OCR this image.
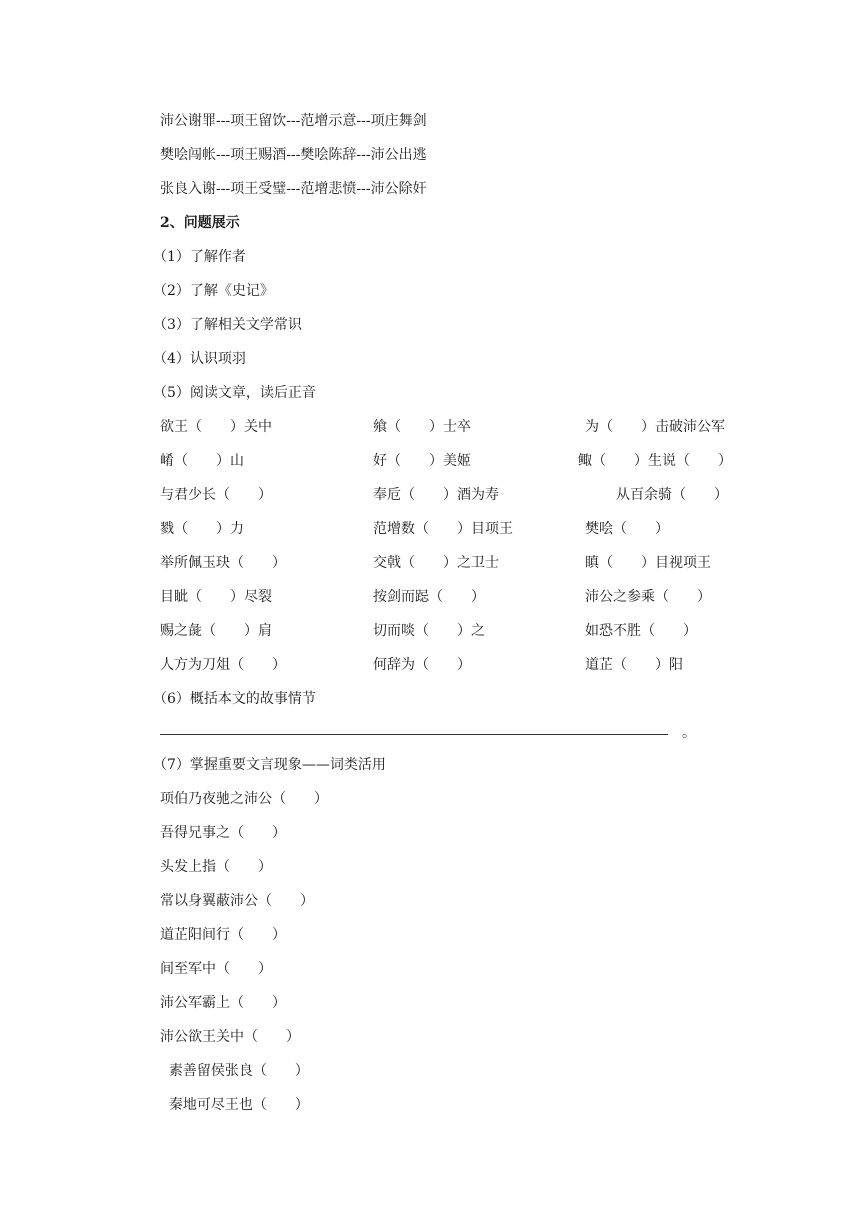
沛公谢罪---项王留饮---范增示意---项庄舞剑
樊哙闯帐---项王赐酒---樊哙陈辞---沛公出逃
张良入谢---项王受璧---范增悲愤---沛公除奸
2、问题展示
（1）了解作者
（2）了解《史记》
（3）了解相关文学常识
（4）认识项羽
（5）阅读文章，读后正音
欲王（　　）关中	飨（　　）士卒	为（　　）击破沛公军
崤（　　）山	好（　　）美姬	鲰（　　）生说（　　）
与君少长（　　）	奉卮（　　）酒为寿	从百余骑（　　）
戮（　　）力	范增数（　　）目项王	樊哙（　　）
举所佩玉玦（　　）	交戟（　　）之卫士	瞋（　　）目视项王
目眦（　　）尽裂	按剑而跽（　　）	沛公之参乘（　　）
赐之彘（　　）肩	切而啖（　　）之	如恐不胜（　　）
人方为刀俎（　　）	何辞为（　　）	道芷（　　）阳
（6）概括本文的故事情节
。
（7）掌握重要文言现象——词类活用
项伯乃夜驰之沛公（　　）
吾得兄事之（　　）
头发上指（　　）
常以身翼蔽沛公（　　）
道芷阳间行（　　）
间至军中（　　）
沛公军霸上（　　）
沛公欲王关中（　　）
素善留侯张良（　　）
秦地可尽王也（　　）
